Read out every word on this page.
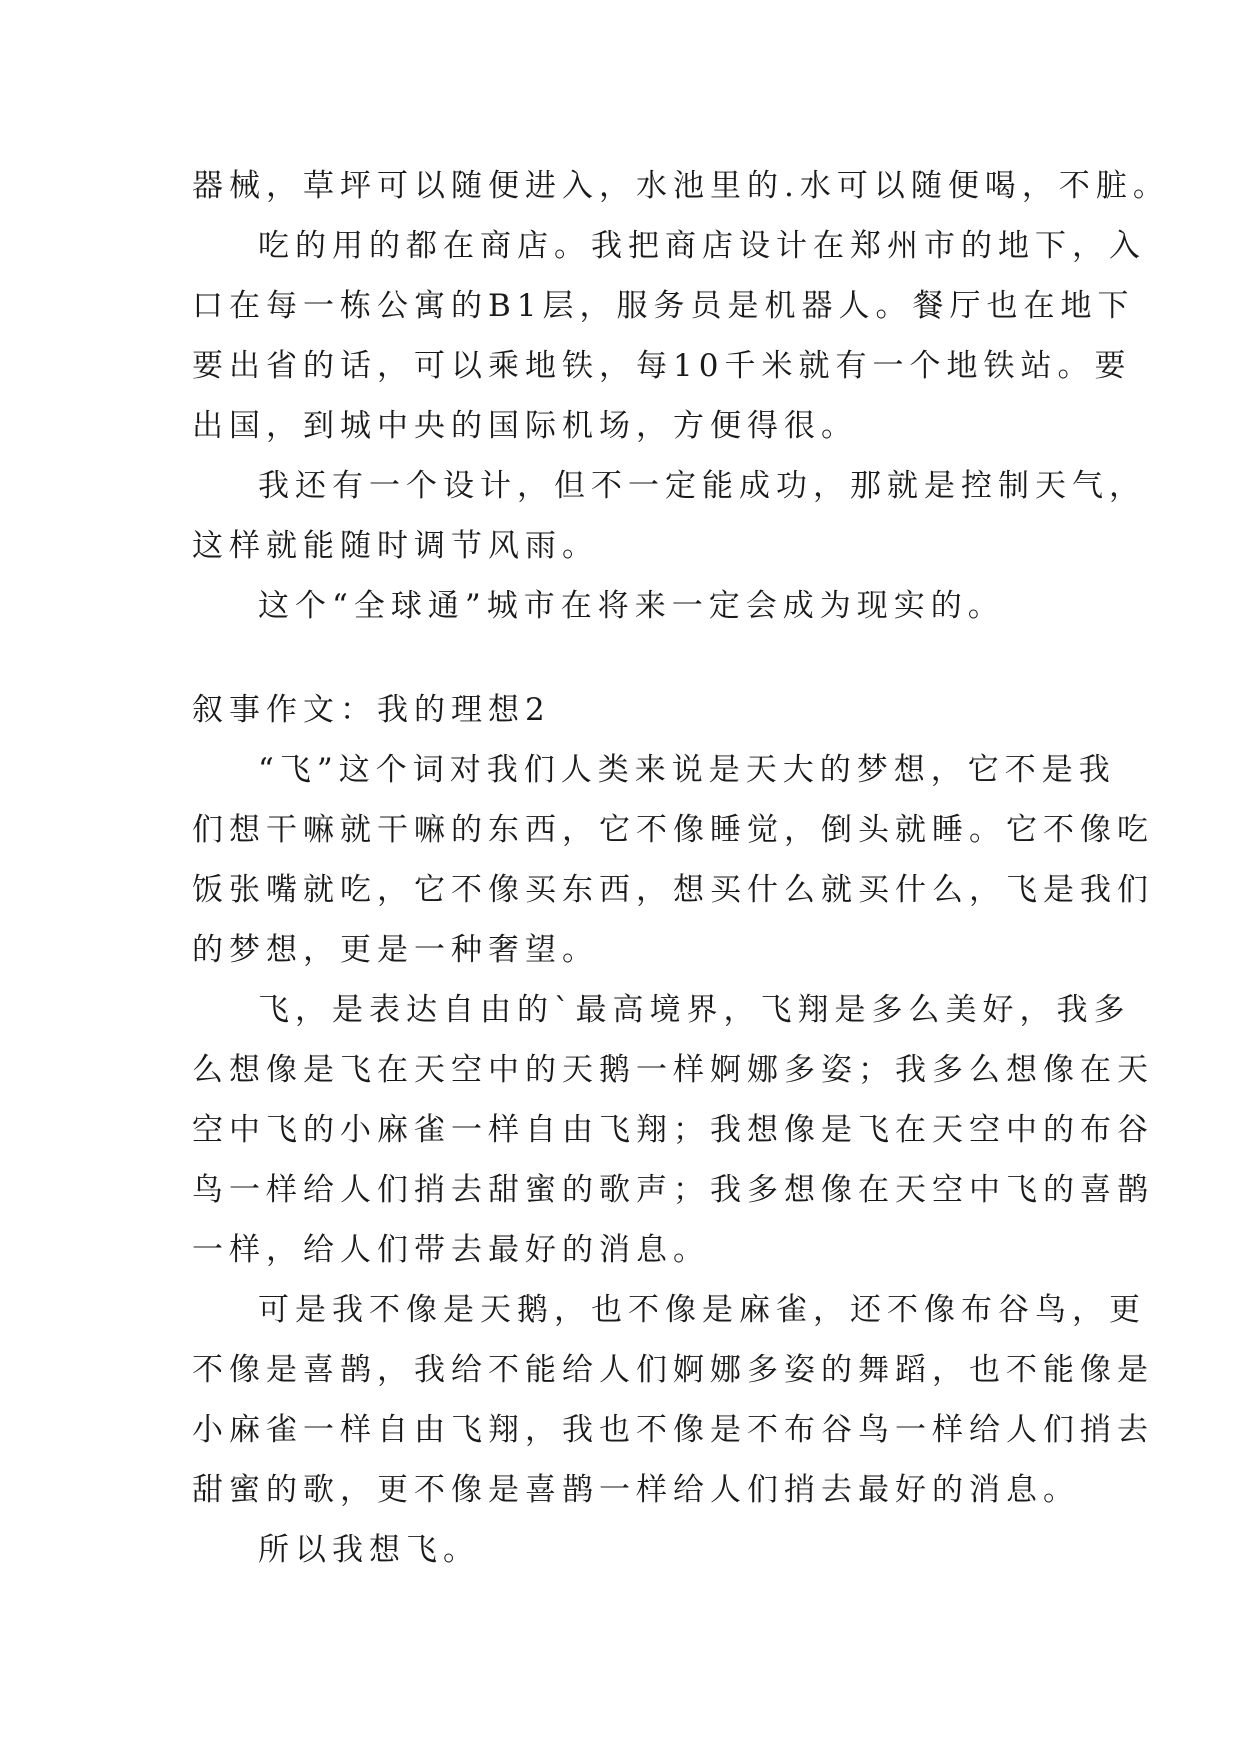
器械，草坪可以随便进入，水池里的.水可以随便喝，不脏。
吃的用的都在商店。我把商店设计在郑州市的地下，入
口在每一栋公寓的B1层，服务员是机器人。餐厅也在地下
要出省的话，可以乘地铁，每10千米就有一个地铁站。要
出国，到城中央的国际机场，方便得很。
我还有一个设计，但不一定能成功，那就是控制天气，
这样就能随时调节风雨。
这个“全球通”城市在将来一定会成为现实的。
叙事作文：我的理想2
“飞”这个词对我们人类来说是天大的梦想，它不是我
们想干嘛就干嘛的东西，它不像睡觉，倒头就睡。它不像吃
饭张嘴就吃，它不像买东西，想买什么就买什么，飞是我们
的梦想，更是一种奢望。
飞，是表达自由的`最高境界，飞翔是多么美好，我多
么想像是飞在天空中的天鹅一样婀娜多姿；我多么想像在天
空中飞的小麻雀一样自由飞翔；我想像是飞在天空中的布谷
鸟一样给人们捎去甜蜜的歌声；我多想像在天空中飞的喜鹊
一样，给人们带去最好的消息。
可是我不像是天鹅，也不像是麻雀，还不像布谷鸟，更
不像是喜鹊，我给不能给人们婀娜多姿的舞蹈，也不能像是
小麻雀一样自由飞翔，我也不像是不布谷鸟一样给人们捎去
甜蜜的歌，更不像是喜鹊一样给人们捎去最好的消息。
所以我想飞。
